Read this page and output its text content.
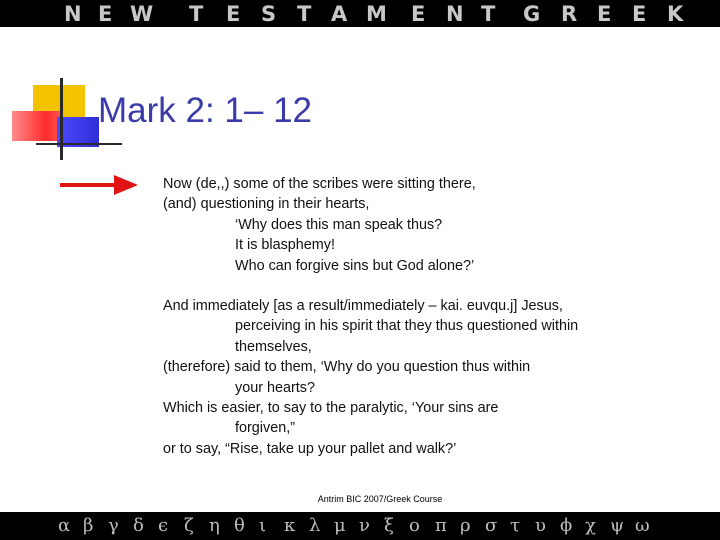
N E W T E S T A M E N T G R E E K
Mark 2: 1– 12
Now (de,,) some of the scribes were sitting there,
(and) questioning in their hearts,
‘Why does this man speak thus?
It is blasphemy!
Who can forgive sins but God alone?’
And immediately [as a result/immediately – kai. euvqu.j] Jesus,
perceiving in his spirit that they thus questioned within
themselves,
(therefore) said to them, ‘Why do you question thus within
your hearts?
Which is easier, to say to the paralytic, ‘Your sins are
forgiven,”
or to say, “Rise, take up your pallet and walk?’
Antrim BIC 2007/Greek Course
α β γ δ ϵ ζ η θ ι κ λ μ ν ξ ο π ρ σ τ υ ϕ χ ψ ω
